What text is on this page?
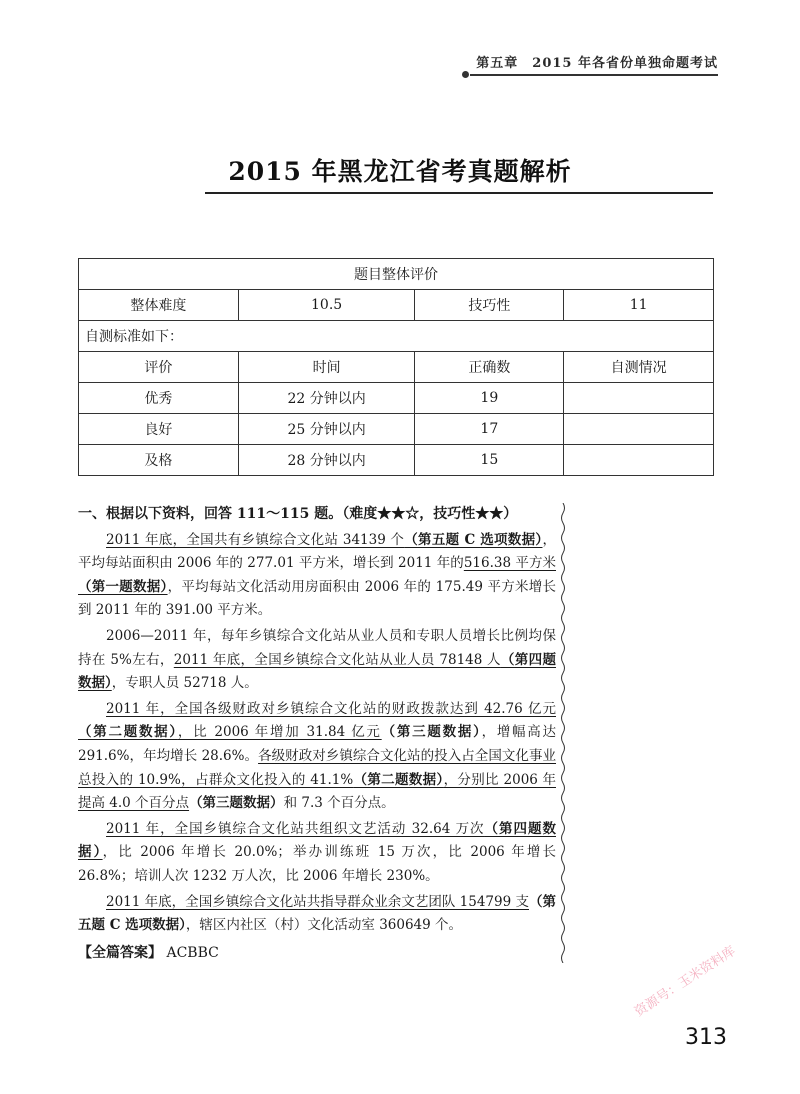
第五章　2015 年各省份单独命题考试
2015 年黑龙江省考真题解析
题目整体评价			
整体难度	10.5	技巧性	11
自测标准如下：			
评价	时间	正确数	自测情况
优秀	22 分钟以内	19	
良好	25 分钟以内	17	
及格	28 分钟以内	15	
一、根据以下资料，回答 111～115 题。（难度★★☆，技巧性★★）

2011 年底，全国共有乡镇综合文化站 34139 个（第五题 C 选项数据），平均每站面积由 2006 年的 277.01 平方米，增长到 2011 年的516.38 平方米（第一题数据），平均每站文化活动用房面积由 2006 年的 175.49 平方米增长到 2011 年的 391.00 平方米。

2006—2011 年，每年乡镇综合文化站从业人员和专职人员增长比例均保持在 5%左右，2011 年底，全国乡镇综合文化站从业人员 78148 人（第四题数据），专职人员 52718 人。

2011 年，全国各级财政对乡镇综合文化站的财政拨款达到 42.76 亿元（第二题数据），比 2006 年增加 31.84 亿元（第三题数据），增幅高达 291.6%，年均增长 28.6%。各级财政对乡镇综合文化站的投入占全国文化事业总投入的 10.9%，占群众文化投入的 41.1%（第二题数据），分别比 2006 年提高 4.0 个百分点（第三题数据）和 7.3 个百分点。

2011 年，全国乡镇综合文化站共组织文艺活动 32.64 万次（第四题数据），比 2006 年增长 20.0%；举办训练班 15 万次，比 2006 年增长 26.8%；培训人次 1232 万人次，比 2006 年增长 230%。

2011 年底，全国乡镇综合文化站共指导群众业余文艺团队 154799 支（第五题 C 选项数据），辖区内社区（村）文化活动室 360649 个。

【全篇答案】 ACBBC
313
资源号：玉米资料库
